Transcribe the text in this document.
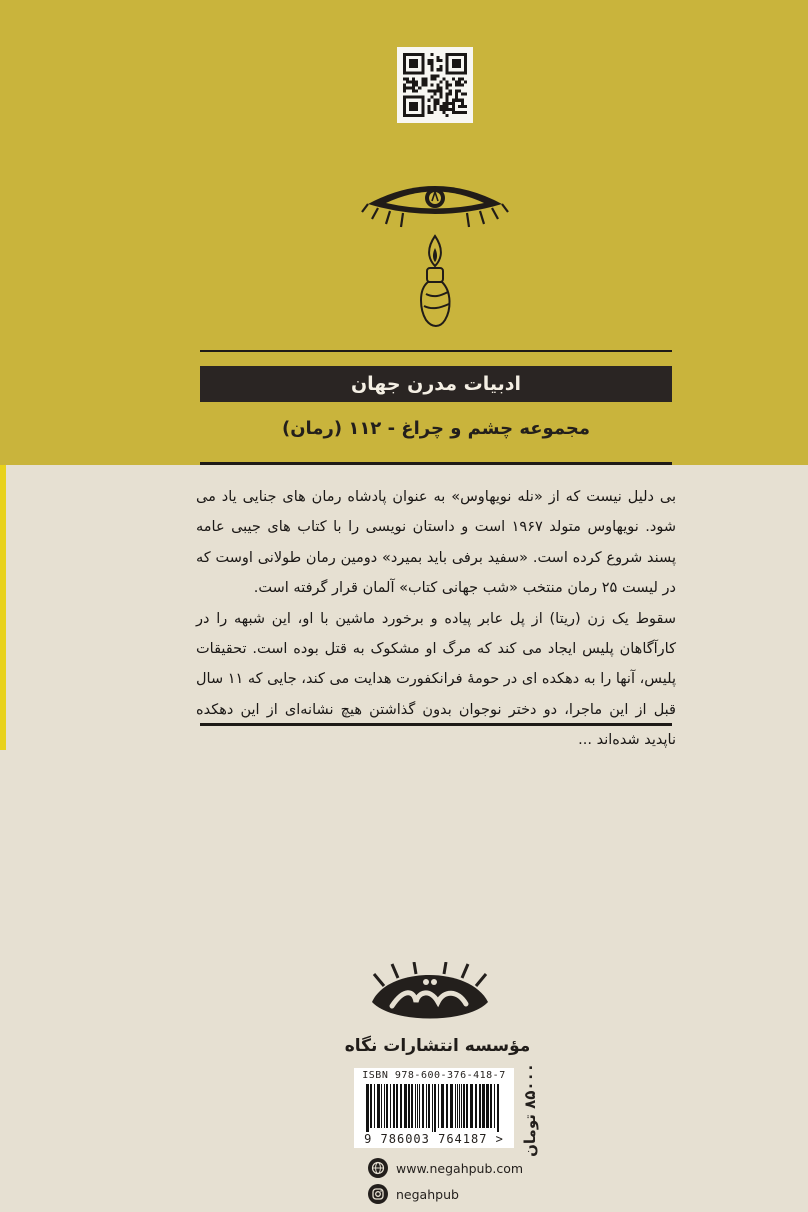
ادبیات مدرن جهان
مجموعه چشم و چراغ - ۱۱۲ (رمان)

بی دلیل نیست که از «نله نویهاوس» به عنوان پادشاه رمان های جنایی یاد می شود. نویهاوس متولد ۱۹۶۷ است و داستان نویسی را با کتاب های جیبی عامه پسند شروع کرده است. «سفید برفی باید بمیرد» دومین رمان طولانی اوست که در لیست ۲۵ رمان منتخب «شب جهانی کتاب» آلمان قرار گرفته است.

سقوط یک زن (ریتا) از پل عابر پیاده و برخورد ماشین با او، این شبهه را در کارآگاهان پلیس ایجاد می کند که مرگ او مشکوک به قتل بوده است. تحقیقات پلیس، آنها را به دهکده ای در حومهٔ فرانکفورت هدایت می کند، جایی که ۱۱ سال قبل از این ماجرا، دو دختر نوجوان بدون گذاشتن هیچ نشانه‌ای از این دهکده ناپدید شده‌اند ...

مؤسسه انتشارات نگاه
ISBN 978-600-376-418-7
9 786003 764187 >	۸۵۰۰۰ تومان
www.negahpub.com
negahpub
